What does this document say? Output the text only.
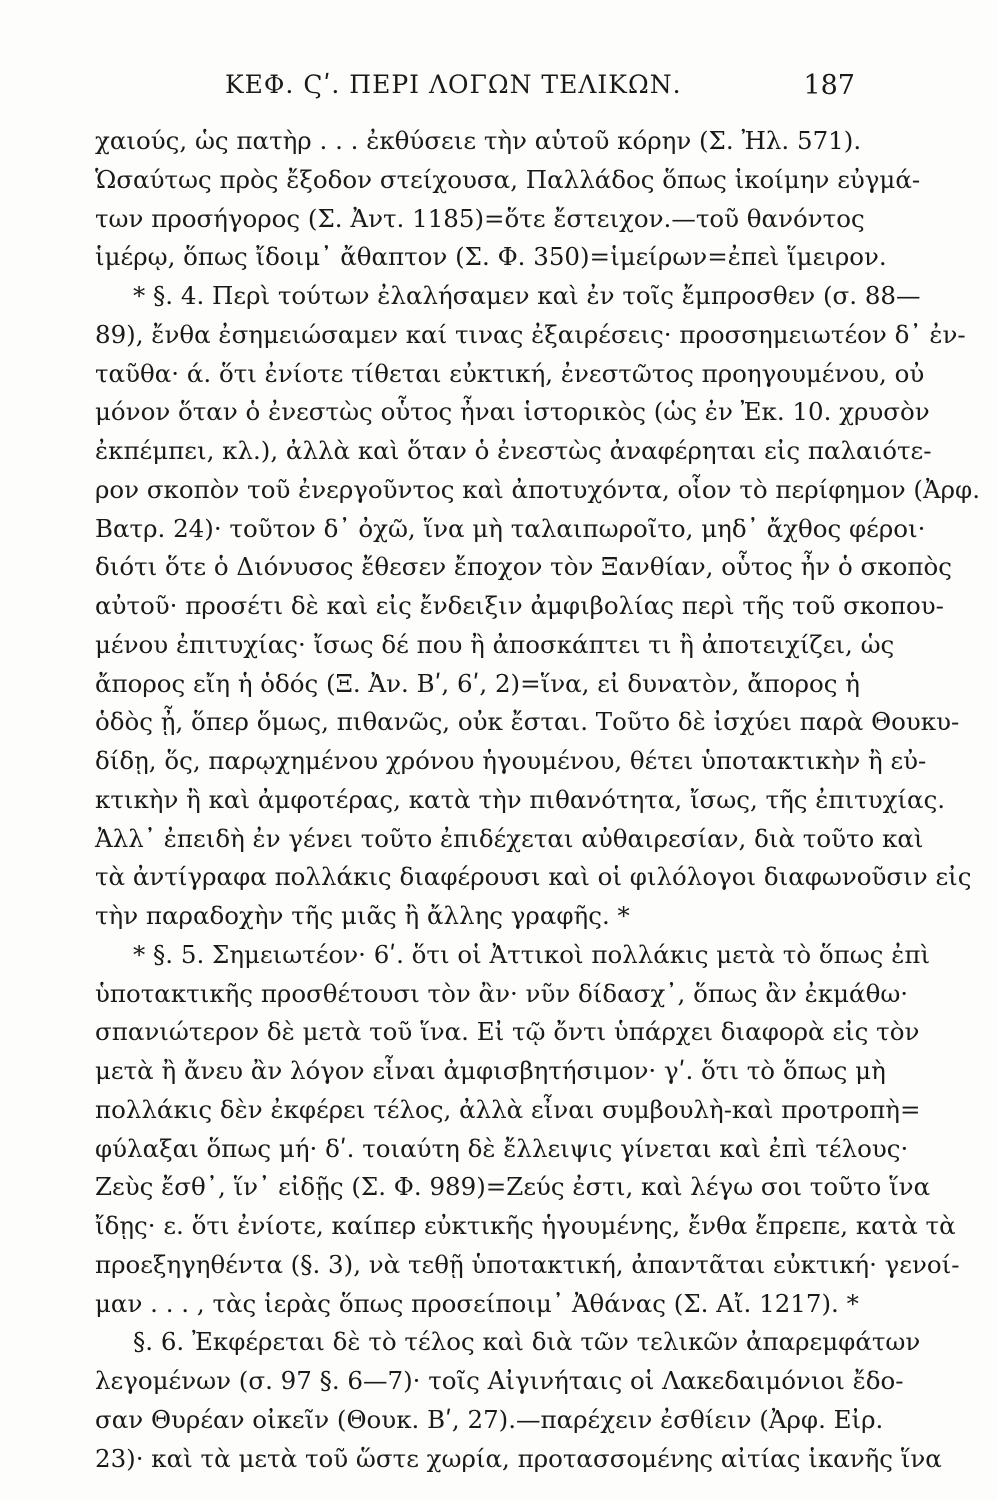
ΚΕΦ. Ϛʹ. ΠΕΡΙ ΛΟΓΩΝ ΤΕΛΙΚΩΝ.	187
χαιούς, ὡς πατὴρ . . . ἐκθύσειε τὴν αὑτοῦ κόρην (Σ. Ἠλ. 571).
Ὡσαύτως πρὸς ἔξοδον στείχουσα, Παλλάδος ὅπως ἱκοίμην εὐγμά-
των προσήγορος (Σ. Ἀντ. 1185)=ὅτε ἔστειχον.—τοῦ θανόντος
ἱμέρῳ, ὅπως ἴδοιμ᾽ ἄθαπτον (Σ. Φ. 350)=ἱμείρων=ἐπεὶ ἵμειρον.
* §. 4. Περὶ τούτων ἐλαλήσαμεν καὶ ἐν τοῖς ἔμπροσθεν (σ. 88—
89), ἔνθα ἐσημειώσαμεν καί τινας ἐξαιρέσεις· προσσημειωτέον δ᾽ ἐν-
ταῦθα· ά. ὅτι ἐνίοτε τίθεται εὐκτική, ἐνεστῶτος προηγουμένου, οὐ
μόνον ὅταν ὁ ἐνεστὼς οὗτος ἦναι ἱστορικὸς (ὡς ἐν Ἐκ. 10. χρυσὸν
ἐκπέμπει, κλ.), ἀλλὰ καὶ ὅταν ὁ ἐνεστὼς ἀναφέρηται εἰς παλαιότε-
ρον σκοπὸν τοῦ ἐνεργοῦντος καὶ ἀποτυχόντα, οἷον τὸ περίφημον (Ἀρφ.
Βατρ. 24)· τοῦτον δ᾽ ὀχῶ, ἵνα μὴ ταλαιπωροῖτο, μηδ᾽ ἄχθος φέροι·
διότι ὅτε ὁ Διόνυσος ἔθεσεν ἔποχον τὸν Ξανθίαν, οὗτος ἦν ὁ σκοπὸς
αὐτοῦ· προσέτι δὲ καὶ εἰς ἔνδειξιν ἀμφιβολίας περὶ τῆς τοῦ σκοπου-
μένου ἐπιτυχίας· ἴσως δέ που ἢ ἀποσκάπτει τι ἢ ἀποτειχίζει, ὡς
ἄπορος εἴη ἡ ὁδός (Ξ. Ἀν. Βʹ, 6ʹ, 2)=ἵνα, εἰ δυνατὸν, ἄπορος ἡ
ὁδὸς ᾖ, ὅπερ ὅμως, πιθανῶς, οὐκ ἔσται. Τοῦτο δὲ ἰσχύει παρὰ Θουκυ-
δίδῃ, ὅς, παρῳχημένου χρόνου ἡγουμένου, θέτει ὑποτακτικὴν ἢ εὐ-
κτικὴν ἢ καὶ ἀμφοτέρας, κατὰ τὴν πιθανότητα, ἴσως, τῆς ἐπιτυχίας.
Ἀλλ᾽ ἐπειδὴ ἐν γένει τοῦτο ἐπιδέχεται αὐθαιρεσίαν, διὰ τοῦτο καὶ
τὰ ἀντίγραφα πολλάκις διαφέρουσι καὶ οἱ φιλόλογοι διαφωνοῦσιν εἰς
τὴν παραδοχὴν τῆς μιᾶς ἢ ἄλλης γραφῆς. *
* §. 5. Σημειωτέον· 6ʹ. ὅτι οἱ Ἀττικοὶ πολλάκις μετὰ τὸ ὅπως ἐπὶ
ὑποτακτικῆς προσθέτουσι τὸν ἂν· νῦν δίδασχ᾽, ὅπως ἂν ἐκμάθω·
σπανιώτερον δὲ μετὰ τοῦ ἵνα. Εἰ τῷ ὄντι ὑπάρχει διαφορὰ εἰς τὸν
μετὰ ἢ ἄνευ ἂν λόγον εἶναι ἀμφισβητήσιμον· γʹ. ὅτι τὸ ὅπως μὴ
πολλάκις δὲν ἐκφέρει τέλος, ἀλλὰ εἶναι συμβουλὴ-καὶ προτροπὴ=
φύλαξαι ὅπως μή· δʹ. τοιαύτη δὲ ἔλλειψις γίνεται καὶ ἐπὶ τέλους·
Ζεὺς ἔσθ᾽, ἵν᾽ εἰδῇς (Σ. Φ. 989)=Ζεύς ἐστι, καὶ λέγω σοι τοῦτο ἵνα
ἴδῃς· ε. ὅτι ἐνίοτε, καίπερ εὐκτικῆς ἡγουμένης, ἔνθα ἔπρεπε, κατὰ τὰ
προεξηγηθέντα (§. 3), νὰ τεθῇ ὑποτακτική, ἀπαντᾶται εὐκτική· γενοί-
μαν . . . , τὰς ἱερὰς ὅπως προσείποιμ᾽ Ἀθάνας (Σ. Αἴ. 1217). *
§. 6. Ἐκφέρεται δὲ τὸ τέλος καὶ διὰ τῶν τελικῶν ἀπαρεμφάτων
λεγομένων (σ. 97 §. 6—7)· τοῖς Αἰγινήταις οἱ Λακεδαιμόνιοι ἔδο-
σαν Θυρέαν οἰκεῖν (Θουκ. Βʹ, 27).—παρέχειν ἐσθίειν (Ἀρφ. Εἰρ.
23)· καὶ τὰ μετὰ τοῦ ὥστε χωρία, προτασσομένης αἰτίας ἱκανῆς ἵνα
